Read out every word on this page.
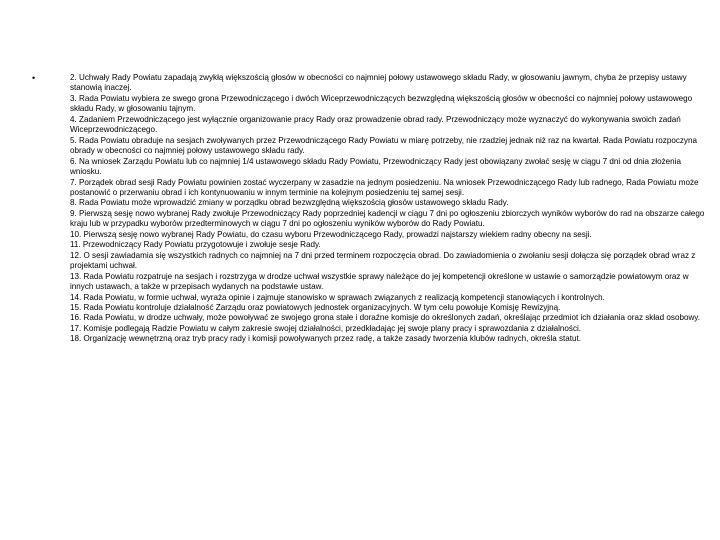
•	2. Uchwały Rady Powiatu zapadają zwykłą większością głosów w obecności co najmniej połowy ustawowego składu Rady, w głosowaniu jawnym, chyba że przepisy ustawy stanowią inaczej.

3. Rada Powiatu wybiera ze swego grona Przewodniczącego i dwóch Wiceprzewodniczących bezwzględną większością głosów w obecności co najmniej połowy ustawowego składu Rady, w głosowaniu tajnym.

4. Zadaniem Przewodniczącego jest wyłącznie organizowanie pracy Rady oraz prowadzenie obrad rady. Przewodniczący może wyznaczyć do wykonywania swoich zadań Wiceprzewodniczącego.

5. Rada Powiatu obraduje na sesjach zwoływanych przez Przewodniczącego Rady Powiatu w miarę potrzeby, nie rzadziej jednak niż raz na kwartał. Rada Powiatu rozpoczyna obrady w obecności co najmniej połowy ustawowego składu rady.

6. Na wniosek Zarządu Powiatu lub co najmniej 1/4 ustawowego składu Rady Powiatu, Przewodniczący Rady jest obowiązany zwołać sesję w ciągu 7 dni od dnia złożenia wniosku.

7. Porządek obrad sesji Rady Powiatu powinien zostać wyczerpany w zasadzie na jednym posiedzeniu. Na wniosek Przewodniczącego Rady lub radnego, Rada Powiatu może postanowić o przerwaniu obrad i ich kontynuowaniu w innym terminie na kolejnym posiedzeniu tej samej sesji.

8. Rada Powiatu może wprowadzić zmiany w porządku obrad bezwzględną większością głosów ustawowego składu Rady.

9. Pierwszą sesję nowo wybranej Rady zwołuje Przewodniczący Rady poprzedniej kadencji w ciągu 7 dni po ogłoszeniu zbiorczych wyników wyborów do rad na obszarze całego kraju lub w przypadku wyborów przedterminowych w ciągu 7 dni po ogłoszeniu wyników wyborów do Rady Powiatu.

10. Pierwszą sesję nowo wybranej Rady Powiatu, do czasu wyboru Przewodniczącego Rady, prowadzi najstarszy wiekiem radny obecny na sesji.

11. Przewodniczący Rady Powiatu przygotowuje i zwołuje sesje Rady.

12. O sesji zawiadamia się wszystkich radnych co najmniej na 7 dni przed terminem rozpoczęcia obrad. Do zawiadomienia o zwołaniu sesji dołącza się porządek obrad wraz z projektami uchwał.

13. Rada Powiatu rozpatruje na sesjach i rozstrzyga w drodze uchwał wszystkie sprawy należące do jej kompetencji określone w ustawie o samorządzie powiatowym oraz w innych ustawach, a także w przepisach wydanych na podstawie ustaw.

14. Rada Powiatu, w formie uchwał, wyraża opinie i zajmuje stanowisko w sprawach związanych z realizacją kompetencji stanowiących i kontrolnych.

15. Rada Powiatu kontroluje działalność Zarządu oraz powiatowych jednostek organizacyjnych. W tym celu powołuje Komisję Rewizyjną.

16. Rada Powiatu, w drodze uchwały, może powoływać ze swojego grona stałe i doraźne komisje do określonych zadań, określając przedmiot ich działania oraz skład osobowy.

17. Komisje podlegają Radzie Powiatu w całym zakresie swojej działalności, przedkładając jej swoje plany pracy i sprawozdania z działalności.

18. Organizację wewnętrzną oraz tryb pracy rady i komisji powoływanych przez radę, a także zasady tworzenia klubów radnych, określa statut.
